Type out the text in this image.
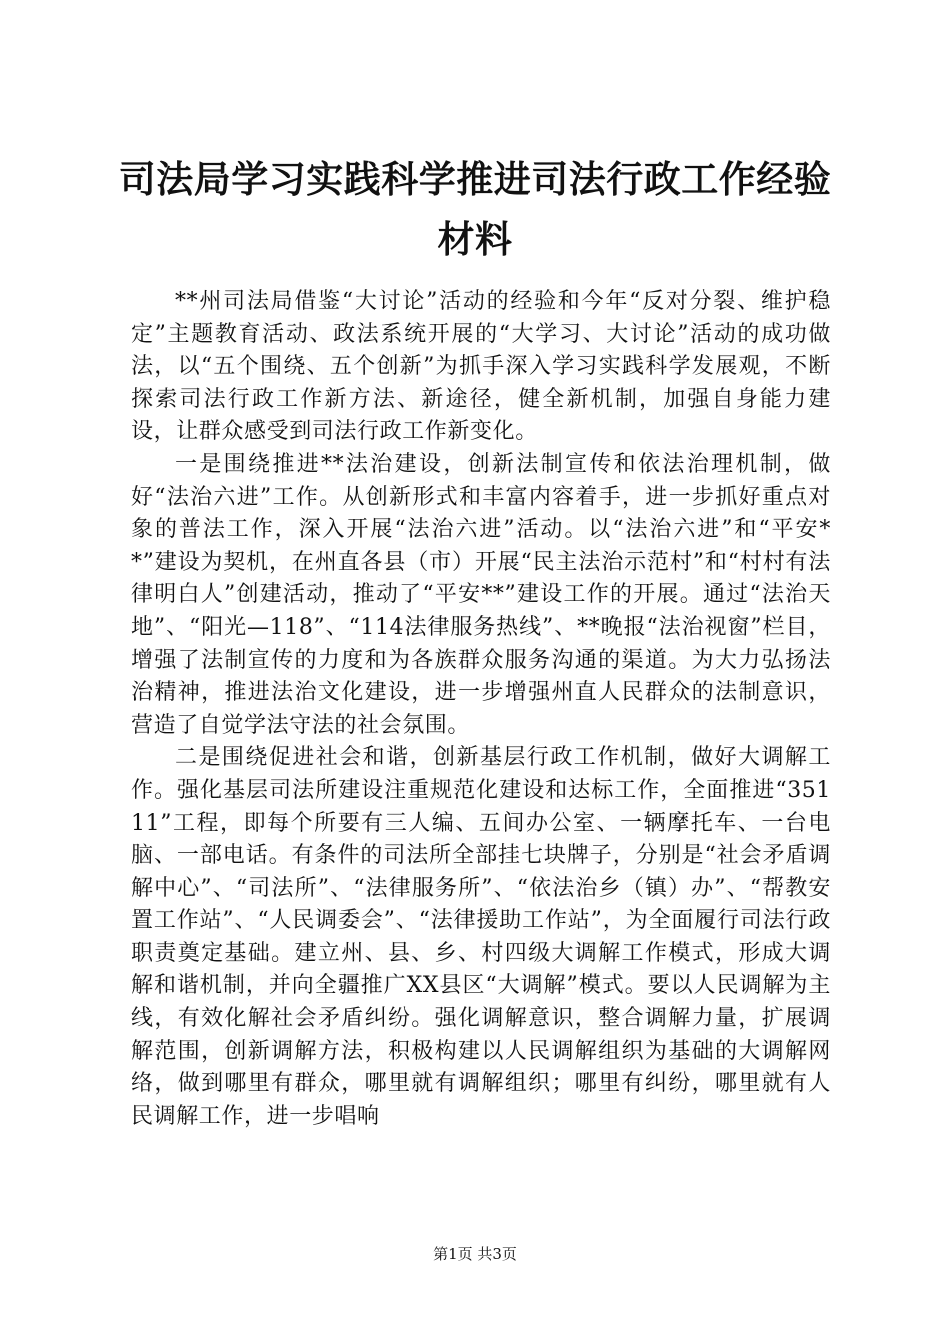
司法局学习实践科学推进司法行政工作经验材料

**州司法局借鉴“大讨论”活动的经验和今年“反对分裂、维护稳定”主题教育活动、政法系统开展的“大学习、大讨论”活动的成功做法，以“五个围绕、五个创新”为抓手深入学习实践科学发展观，不断探索司法行政工作新方法、新途径，健全新机制，加强自身能力建设，让群众感受到司法行政工作新变化。

一是围绕推进**法治建设，创新法制宣传和依法治理机制，做好“法治六进”工作。从创新形式和丰富内容着手，进一步抓好重点对象的普法工作，深入开展“法治六进”活动。以“法治六进”和“平安**”建设为契机，在州直各县（市）开展“民主法治示范村”和“村村有法律明白人”创建活动，推动了“平安**”建设工作的开展。通过“法治天地”、“阳光—118”、“114法律服务热线”、**晚报“法治视窗”栏目，增强了法制宣传的力度和为各族群众服务沟通的渠道。为大力弘扬法治精神，推进法治文化建设，进一步增强州直人民群众的法制意识，营造了自觉学法守法的社会氛围。

二是围绕促进社会和谐，创新基层行政工作机制，做好大调解工作。强化基层司法所建设注重规范化建设和达标工作，全面推进“35111”工程，即每个所要有三人编、五间办公室、一辆摩托车、一台电脑、一部电话。有条件的司法所全部挂七块牌子，分别是“社会矛盾调解中心”、“司法所”、“法律服务所”、“依法治乡（镇）办”、“帮教安置工作站”、“人民调委会”、“法律援助工作站”，为全面履行司法行政职责奠定基础。建立州、县、乡、村四级大调解工作模式，形成大调解和谐机制，并向全疆推广XX县区“大调解”模式。要以人民调解为主线，有效化解社会矛盾纠纷。强化调解意识，整合调解力量，扩展调解范围，创新调解方法，积极构建以人民调解组织为基础的大调解网络，做到哪里有群众，哪里就有调解组织；哪里有纠纷，哪里就有人民调解工作，进一步唱响

第1页 共3页
